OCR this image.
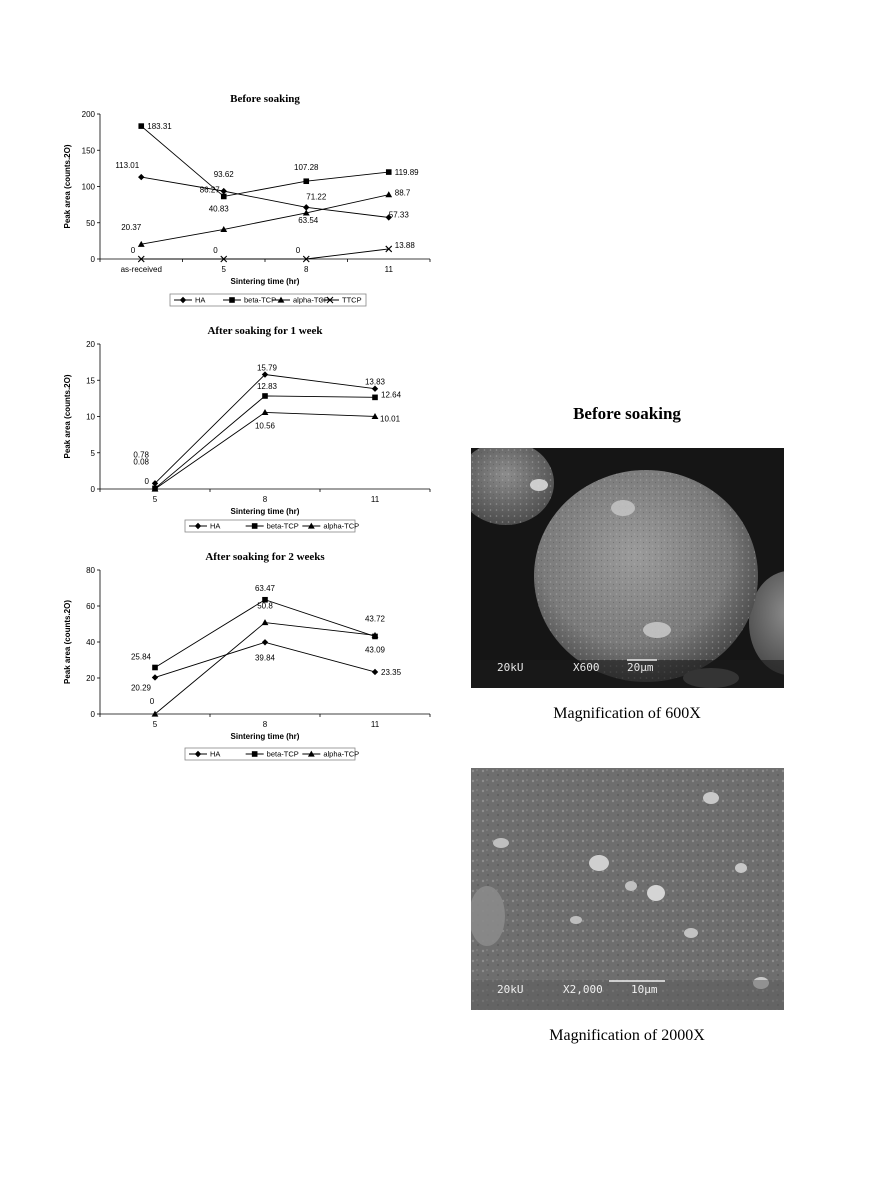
Before soaking
0
50
100
150
200
as-received	5	8	11
Sintering time (hr)
Peak area (counts.2O)	113.01
93.62
71.22
57.33
183.31
86.27
107.28
119.89
20.37
40.83
63.54
88.7
0	0	0
13.88
HA	beta-TCP alpha-TCP TTCP
After soaking for 1 week
0
5
10
15
20
5	8	11
Sintering time (hr)
Peak area (counts.2O)	0.78
15.79
13.83
0.08
12.83
12.64
0
10.56
10.01
HA	beta-TCP	alpha-TCP
After soaking for 2 weeks
0
20
40
60
80
5	8	11
Sintering time (hr)
Peak area (counts.2O)
20.29
39.84
23.35
25.84
63.47
43.09
0
50.8
43.72
HA	beta-TCP	alpha-TCP
Before soaking
20kU	X600	20µm
Magnification of 600X
20kU	X2,000	10µm
Magnification of 2000X
